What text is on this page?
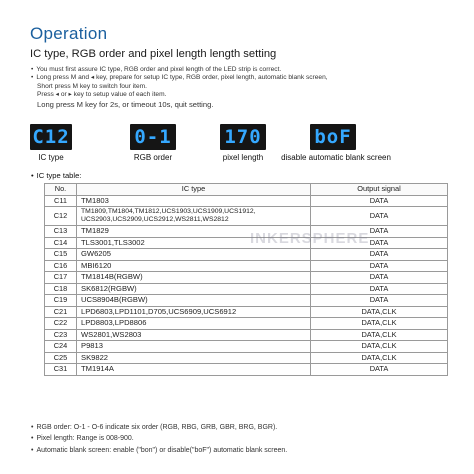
Operation
IC type, RGB order and pixel length length setting
• You must first assure IC type, RGB order and pixel length of the LED strip is correct.
• Long press M and ◂ key, prepare for setup IC type, RGB order, pixel length, automatic blank screen,
Short press M key to switch four item.
Press ◂ or ▸ key to setup value of each item.
Long press M key for 2s, or timeout 10s, quit setting.
C12
IC type
0-1
RGB order
170
pixel length
boF
disable automatic blank screen
• IC type table:
No.	IC type	Output signal
C11	TM1803	DATA
C12	TM1809,TM1804,TM1812,UCS1903,UCS1909,UCS1912,
UCS2903,UCS2909,UCS2912,WS2811,WS2812	DATA
C13	TM1829	DATA
C14	TLS3001,TLS3002	DATA
C15	GW6205	DATA
C16	MBI6120	DATA
C17	TM1814B(RGBW)	DATA
C18	SK6812(RGBW)	DATA
C19	UCS8904B(RGBW)	DATA
C21	LPD6803,LPD1101,D705,UCS6909,UCS6912	DATA,CLK
C22	LPD8803,LPD8806	DATA,CLK
C23	WS2801,WS2803	DATA,CLK
C24	P9813	DATA,CLK
C25	SK9822	DATA,CLK
C31	TM1914A	DATA
INKERSPHERE
• RGB order: O-1 - O-6 indicate six order (RGB, RBG, GRB, GBR, BRG, BGR).
• Pixel length: Range is 008-900.
• Automatic blank screen: enable ("bon") or disable("boF") automatic blank screen.
